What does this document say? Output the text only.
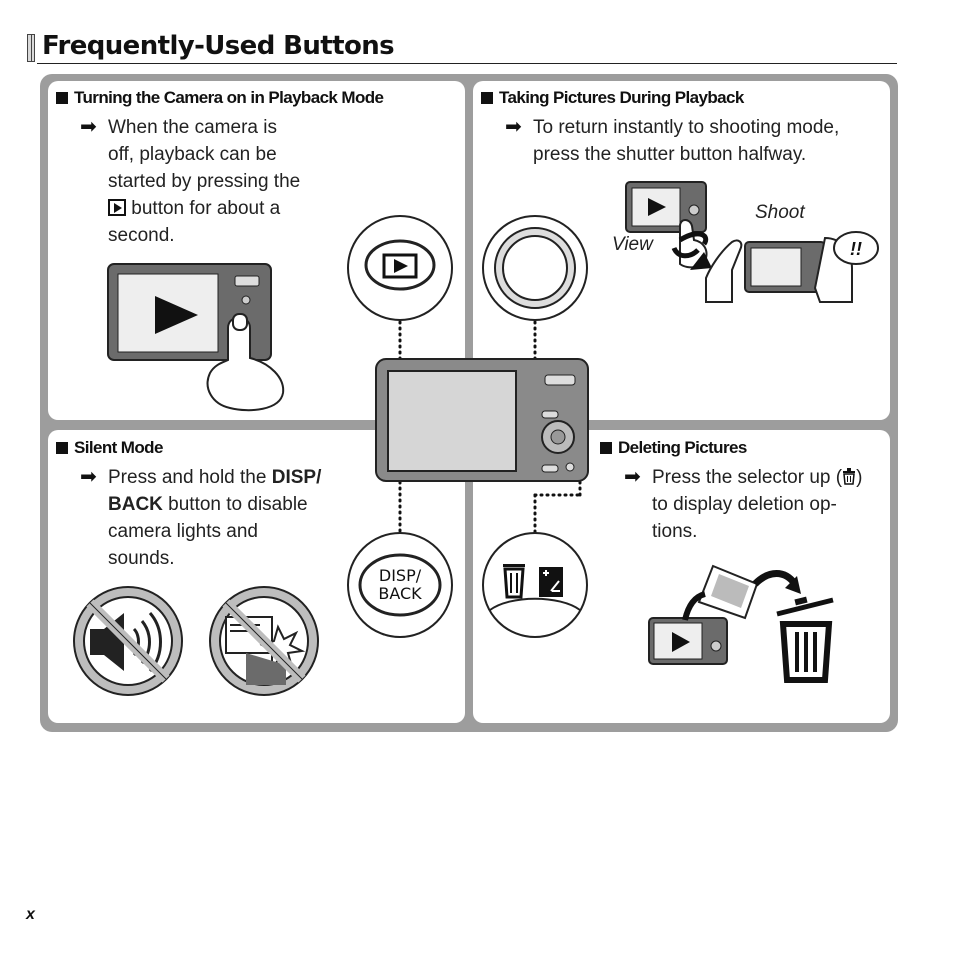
Frequently-Used Buttons
Turning the Camera on in Playback Mode
➡ When the camera is
off, playback can be
started by pressing the
button for about a
second.
Taking Pictures During Playback
➡ To return instantly to shooting mode,
press the shutter button halfway.
!!
View
Shoot
Silent Mode
➡ Press and hold the DISP/
BACK button to disable
camera lights and
sounds.
Deleting Pictures
➡ Press the selector up ( )
to display deletion op-
tions.
DISP/
BACK
x
